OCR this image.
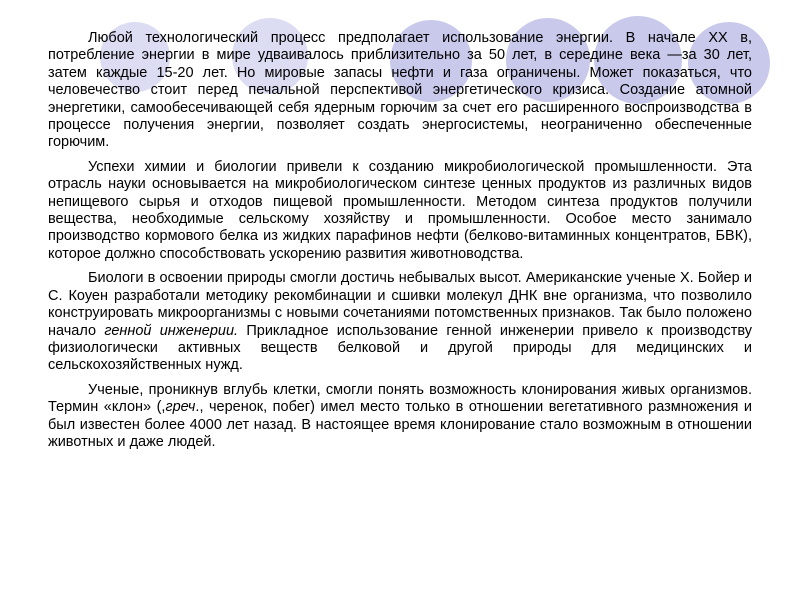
Любой технологический процесс предполагает использование энергии. В начале XX в, потребление энергии в мире удваивалось приблизительно за 50 лет, в середине века —за 30 лет, затем каждые 15-20 лет. Но мировые запасы нефти и газа ограничены. Может показаться, что человечество стоит перед печальной перспективой энергетического кризиса. Создание атомной энергетики, самообесечивающей себя ядерным горючим за счет его расширенного воспроизводства в процессе получения энергии, позволяет создать энергосистемы, неограниченно обеспеченные горючим.

Успехи химии и биологии привели к созданию микробиологической промышленности. Эта отрасль науки основывается на микробиологическом синтезе ценных продуктов из различных видов непищевого сырья и отходов пищевой промышленности. Методом синтеза продуктов получили вещества, необходимые сельскому хозяйству и промышленности. Особое место занимало производство кормового белка из жидких парафинов нефти (белково-витаминных концентратов, БВК), которое должно способствовать ускорению развития животноводства.

Биологи в освоении природы смогли достичь небывалых высот. Американские ученые X. Бойер и С. Коуен разработали методику рекомбинации и сшивки молекул ДНК вне организма, что позволило конструировать микроорганизмы с новыми сочетаниями потомственных признаков. Так было положено начало генной инженерии. Прикладное использование генной инженерии привело к производству физиологически активных веществ белковой и другой природы для медицинских и сельскохозяйственных нужд.

Ученые, проникнув вглубь клетки, смогли понять возможность клонирования живых организмов. Термин «клон» (,греч., черенок, побег) имел место только в отношении вегетативного размножения и был известен более 4000 лет назад. В настоящее время клонирование стало возможным в отношении животных и даже людей.
